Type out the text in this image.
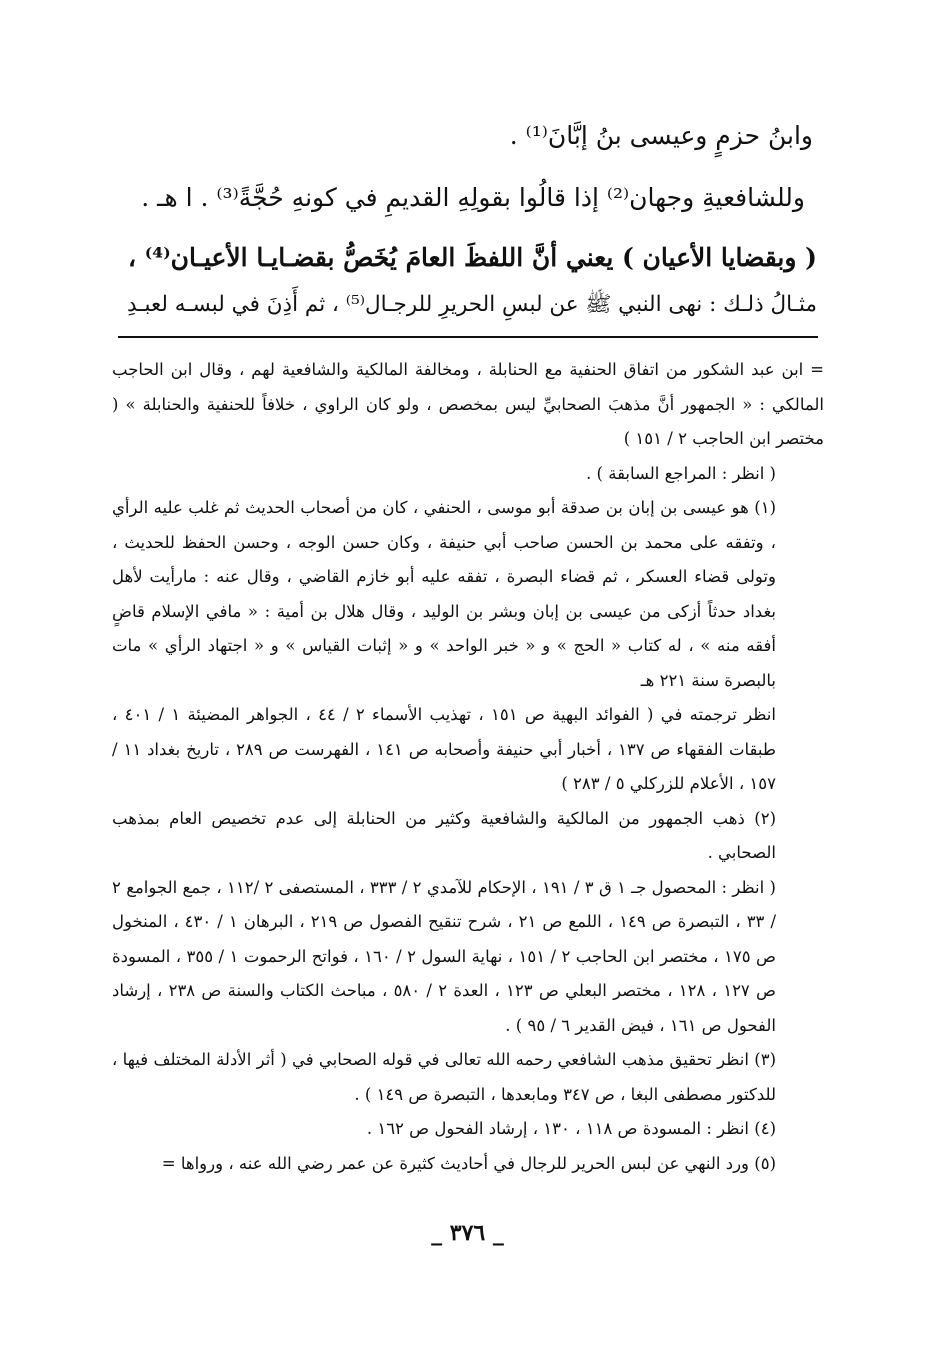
وابنُ حزمٍ وعيسى بنُ إبَّانَ⁽¹⁾ .
وللشافعيةِ وجهان⁽²⁾ إذا قالُوا بقولِهِ القديمِ في كونهِ حُجَّةً⁽³⁾ . ا هـ .
( وبقضايا الأعيان ) يعني أنَّ اللفظَ العامَ يُخَصُّ بقضـايـا الأعيـان⁽⁴⁾ ،
مثـالُ ذلـك : نهى النبي ﷺ عن لبسِ الحريرِ للرجـال⁽⁵⁾ ، ثم أَذِنَ في لبسـه لعبـدِ

= ابن عبد الشكور من اتفاق الحنفية مع الحنابلة ، ومخالفة المالكية والشافعية لهم ، وقال ابن الحاجب المالكي : « الجمهور أنَّ مذهبَ الصحابيِّ ليس بمخصص ، ولو كان الراوي ، خلافاً للحنفية والحنابلة » ( مختصر ابن الحاجب ٢ / ١٥١ )

( انظر : المراجع السابقة ) .

(١) هو عيسى بن إبان بن صدقة أبو موسى ، الحنفي ، كان من أصحاب الحديث ثم غلب عليه الرأي ، وتفقه على محمد بن الحسن صاحب أبي حنيفة ، وكان حسن الوجه ، وحسن الحفظ للحديث ، وتولى قضاء العسكر ، ثم قضاء البصرة ، تفقه عليه أبو خازم القاضي ، وقال عنه : مارأيت لأهل بغداد حدثاً أزكى من عيسى بن إبان وبشر بن الوليد ، وقال هلال بن أمية : « مافي الإسلام قاضٍ أفقه منه » ، له كتاب « الحج » و « خبر الواحد » و « إثبات القياس » و « اجتهاد الرأي » مات بالبصرة سنة ٢٢١ هـ

انظر ترجمته في ( الفوائد البهية ص ١٥١ ، تهذيب الأسماء ٢ / ٤٤ ، الجواهر المضيئة ١ / ٤٠١ ، طبقات الفقهاء ص ١٣٧ ، أخبار أبي حنيفة وأصحابه ص ١٤١ ، الفهرست ص ٢٨٩ ، تاريخ بغداد ١١ / ١٥٧ ، الأعلام للزركلي ٥ / ٢٨٣ )

(٢) ذهب الجمهور من المالكية والشافعية وكثير من الحنابلة إلى عدم تخصيص العام بمذهب الصحابي .

( انظر : المحصول جـ ١ ق ٣ / ١٩١ ، الإحكام للآمدي ٢ / ٣٣٣ ، المستصفى ٢ /١١٢ ، جمع الجوامع ٢ / ٣٣ ، التبصرة ص ١٤٩ ، اللمع ص ٢١ ، شرح تنقيح الفصول ص ٢١٩ ، البرهان ١ / ٤٣٠ ، المنخول ص ١٧٥ ، مختصر ابن الحاجب ٢ / ١٥١ ، نهاية السول ٢ / ١٦٠ ، فواتح الرحموت ١ / ٣٥٥ ، المسودة ص ١٢٧ ، ١٢٨ ، مختصر البعلي ص ١٢٣ ، العدة ٢ / ٥٨٠ ، مباحث الكتاب والسنة ص ٢٣٨ ، إرشاد الفحول ص ١٦١ ، فيض القدير ٦ / ٩٥ ) .

(٣) انظر تحقيق مذهب الشافعي رحمه الله تعالى في قوله الصحابي في ( أثر الأدلة المختلف فيها ، للدكتور مصطفى البغا ، ص ٣٤٧ ومابعدها ، التبصرة ص ١٤٩ ) .

(٤) انظر : المسودة ص ١١٨ ، ١٣٠ ، إرشاد الفحول ص ١٦٢ .

(٥) ورد النهي عن لبس الحرير للرجال في أحاديث كثيرة عن عمر رضي الله عنه ، ورواها =

_ ٣٧٦ _
